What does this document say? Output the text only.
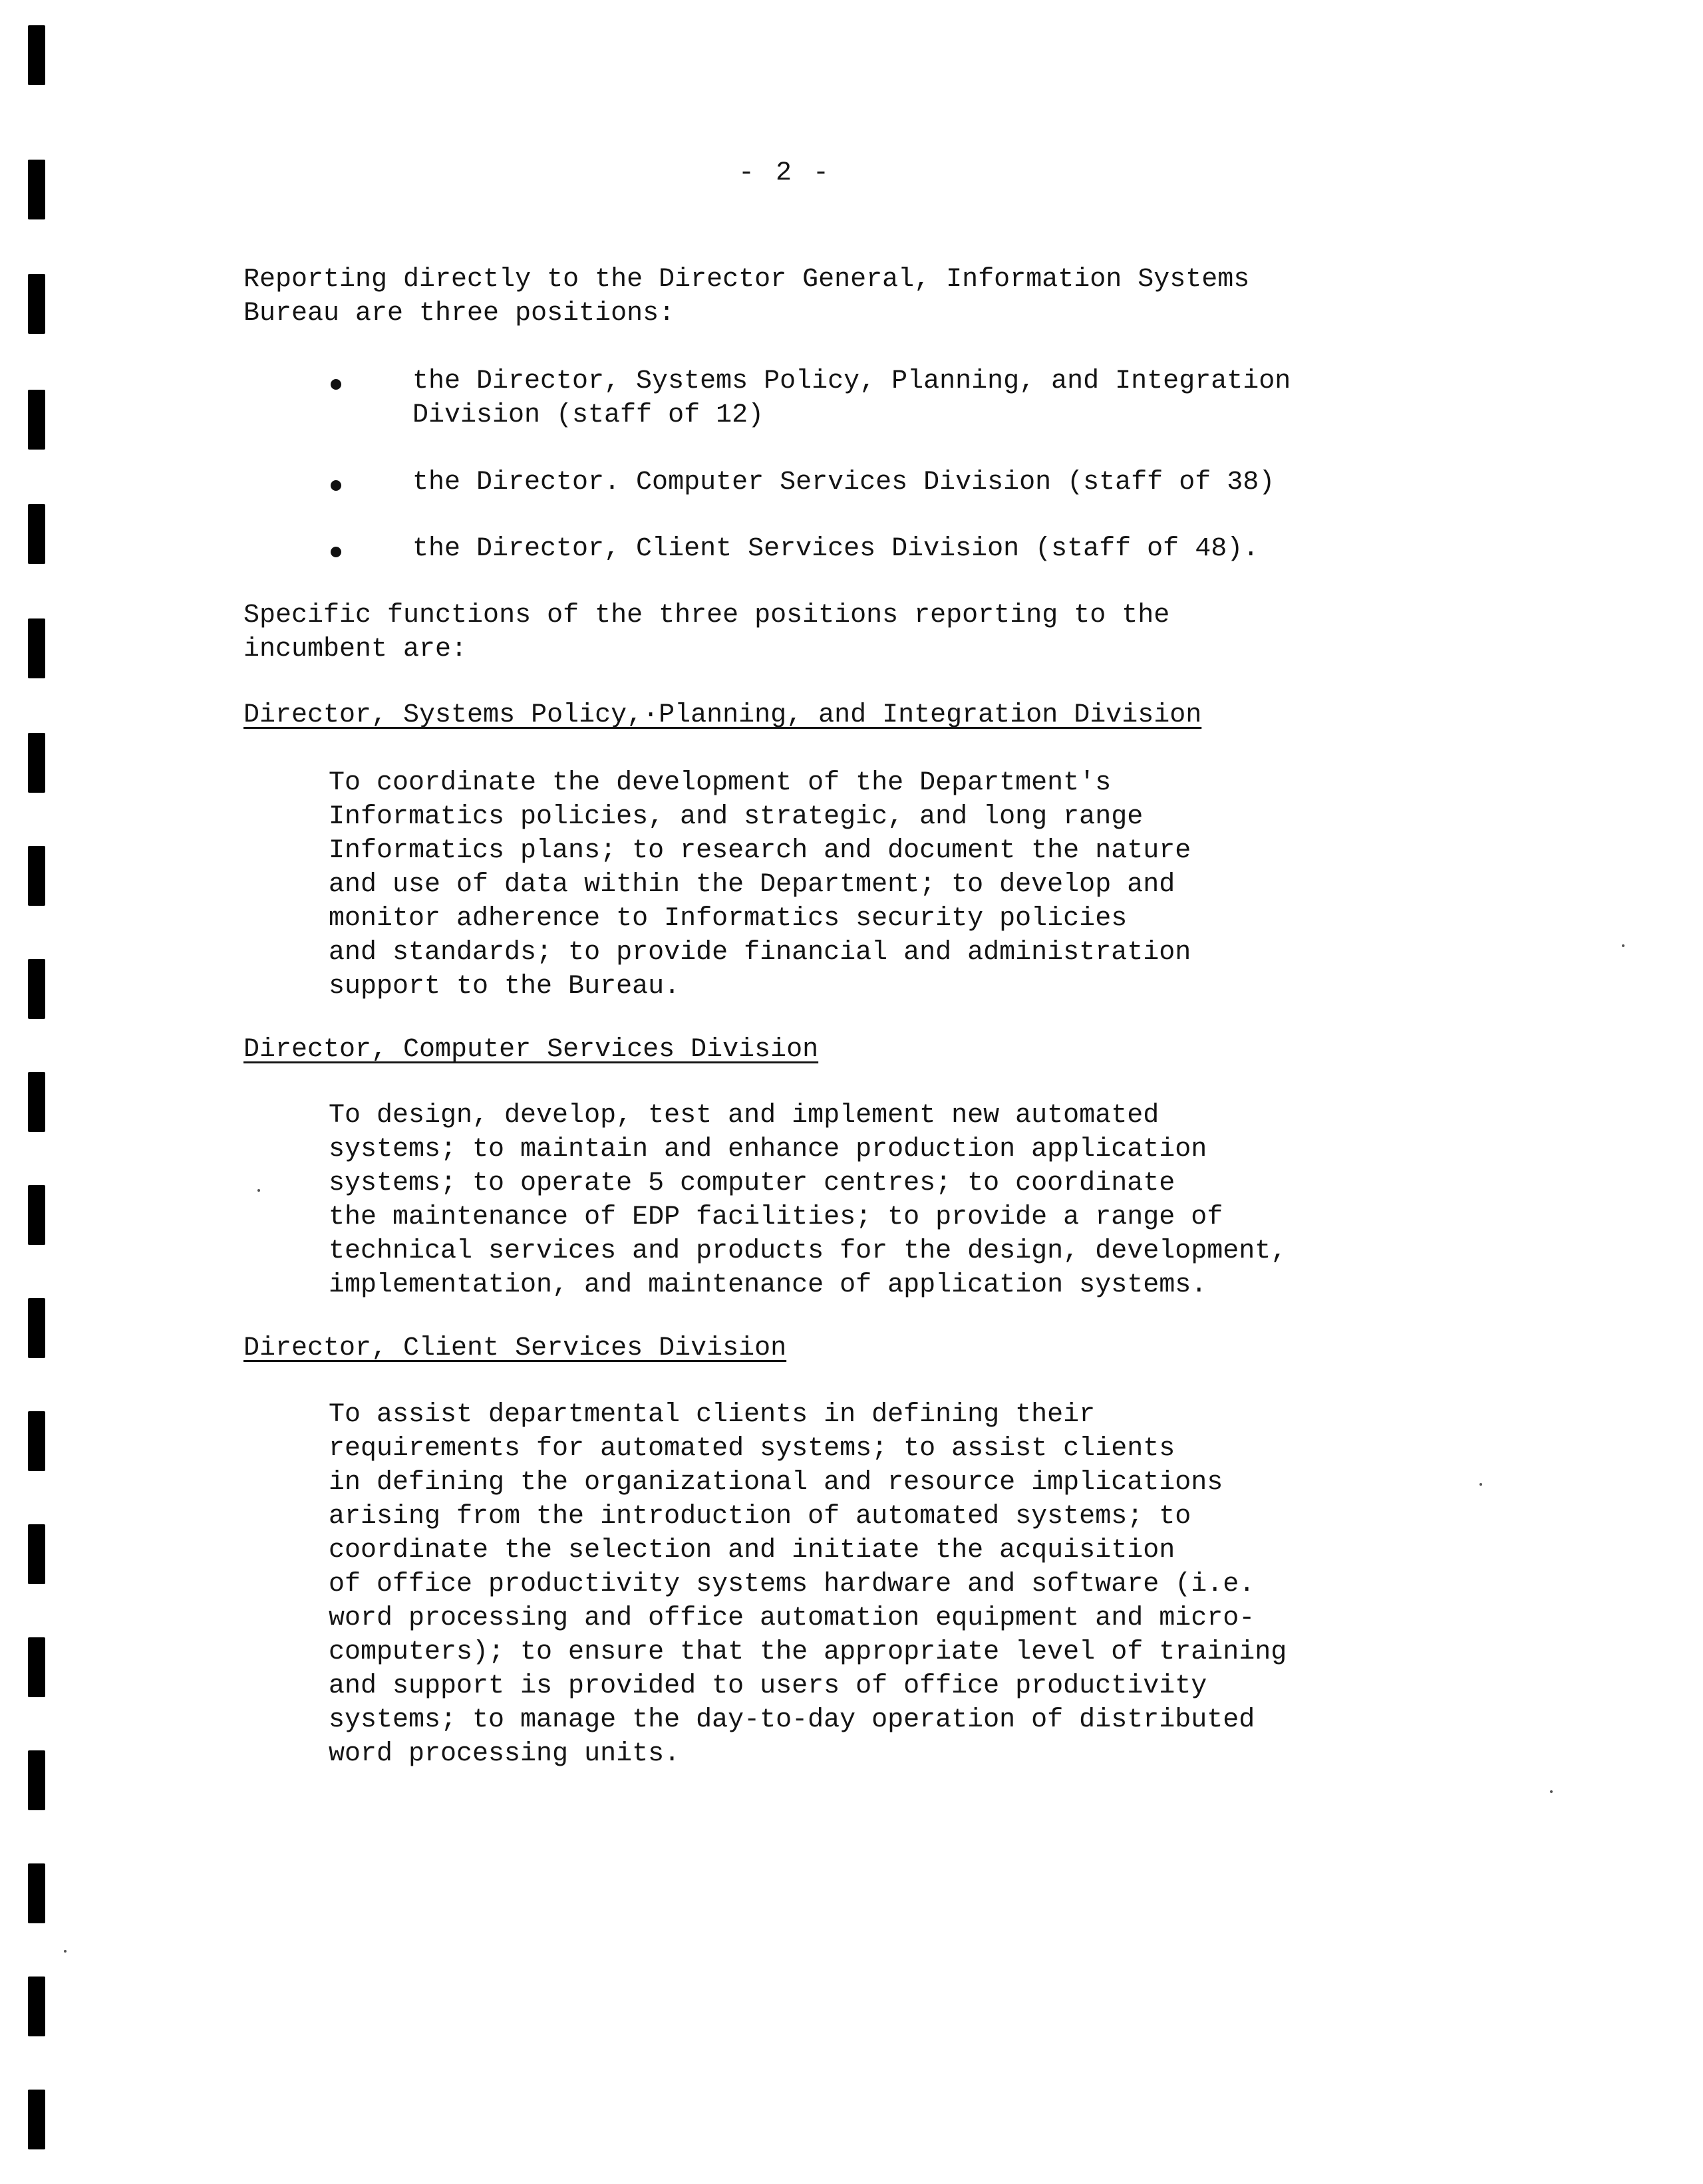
- 2 -
Reporting directly to the Director General, Information Systems
Bureau are three positions:
the Director, Systems Policy, Planning, and Integration
Division (staff of 12)
the Director. Computer Services Division (staff of 38)
the Director, Client Services Division (staff of 48).
Specific functions of the three positions reporting to the
incumbent are:
Director, Systems Policy,·Planning, and Integration Division
To coordinate the development of the Department's
Informatics policies, and strategic, and long range
Informatics plans; to research and document the nature
and use of data within the Department; to develop and
monitor adherence to Informatics security policies
and standards; to provide financial and administration
support to the Bureau.
Director, Computer Services Division
To design, develop, test and implement new automated
systems; to maintain and enhance production application
systems; to operate 5 computer centres; to coordinate
the maintenance of EDP facilities; to provide a range of
technical services and products for the design, development,
implementation, and maintenance of application systems.
Director, Client Services Division
To assist departmental clients in defining their
requirements for automated systems; to assist clients
in defining the organizational and resource implications
arising from the introduction of automated systems; to
coordinate the selection and initiate the acquisition
of office productivity systems hardware and software (i.e.
word processing and office automation equipment and micro-
computers); to ensure that the appropriate level of training
and support is provided to users of office productivity
systems; to manage the day-to-day operation of distributed
word processing units.
